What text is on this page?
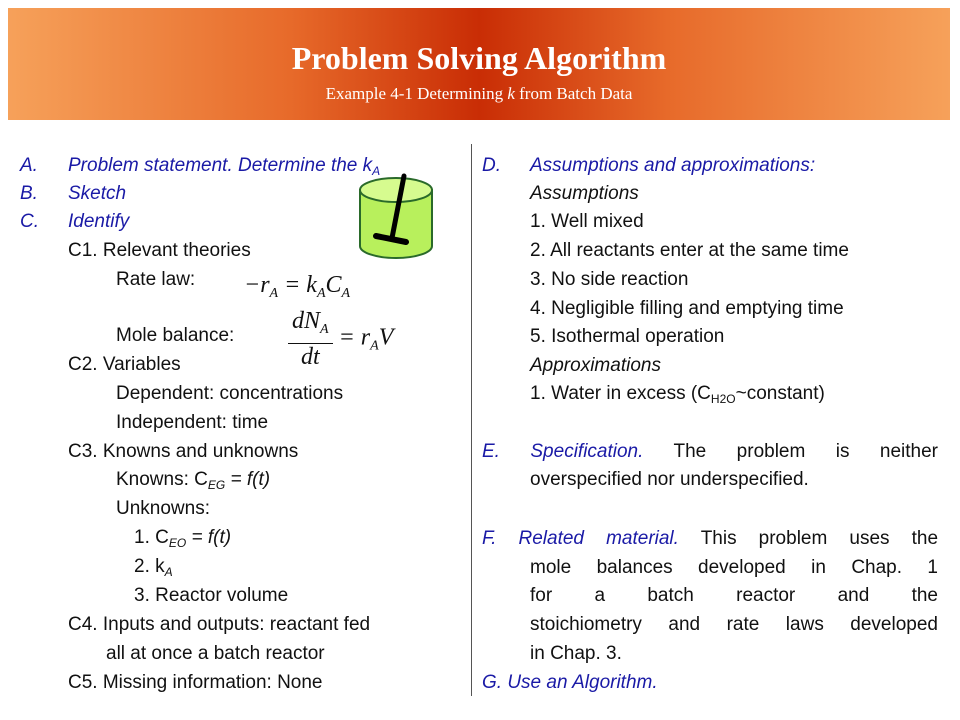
Problem Solving Algorithm
Example 4-1 Determining k from Batch Data
A. Problem statement. Determine the $k_A$
B. Sketch
C. Identify
C1. Relevant theories
Rate law:
Mole balance:
C2. Variables
Dependent: concentrations
Independent: time
C3. Knowns and unknowns
Knowns: $C_{EG} = f(t)$
Unknowns:
1. $C_{EO} = f(t)$
2. $k_A$
3. Reactor volume
C4. Inputs and outputs: reactant fed
all at once a batch reactor
C5. Missing information: None
$-r_A = k_AC_A$
$\frac{dN_A}{dt} = r_AV$
D. Assumptions and approximations:
Assumptions
1. Well mixed
2. All reactants enter at the same time
3. No side reaction
4. Negligible filling and emptying time
5. Isothermal operation
Approximations
1. Water in excess $(C_{H2O}\sim constant)$
E. Specification. The problem is neither
overspecified nor underspecified.
F. Related material. This problem uses the
mole balances developed in Chap. 1
for a batch reactor and the
stoichiometry and rate laws developed
in Chap. 3.
G. Use an Algorithm.
